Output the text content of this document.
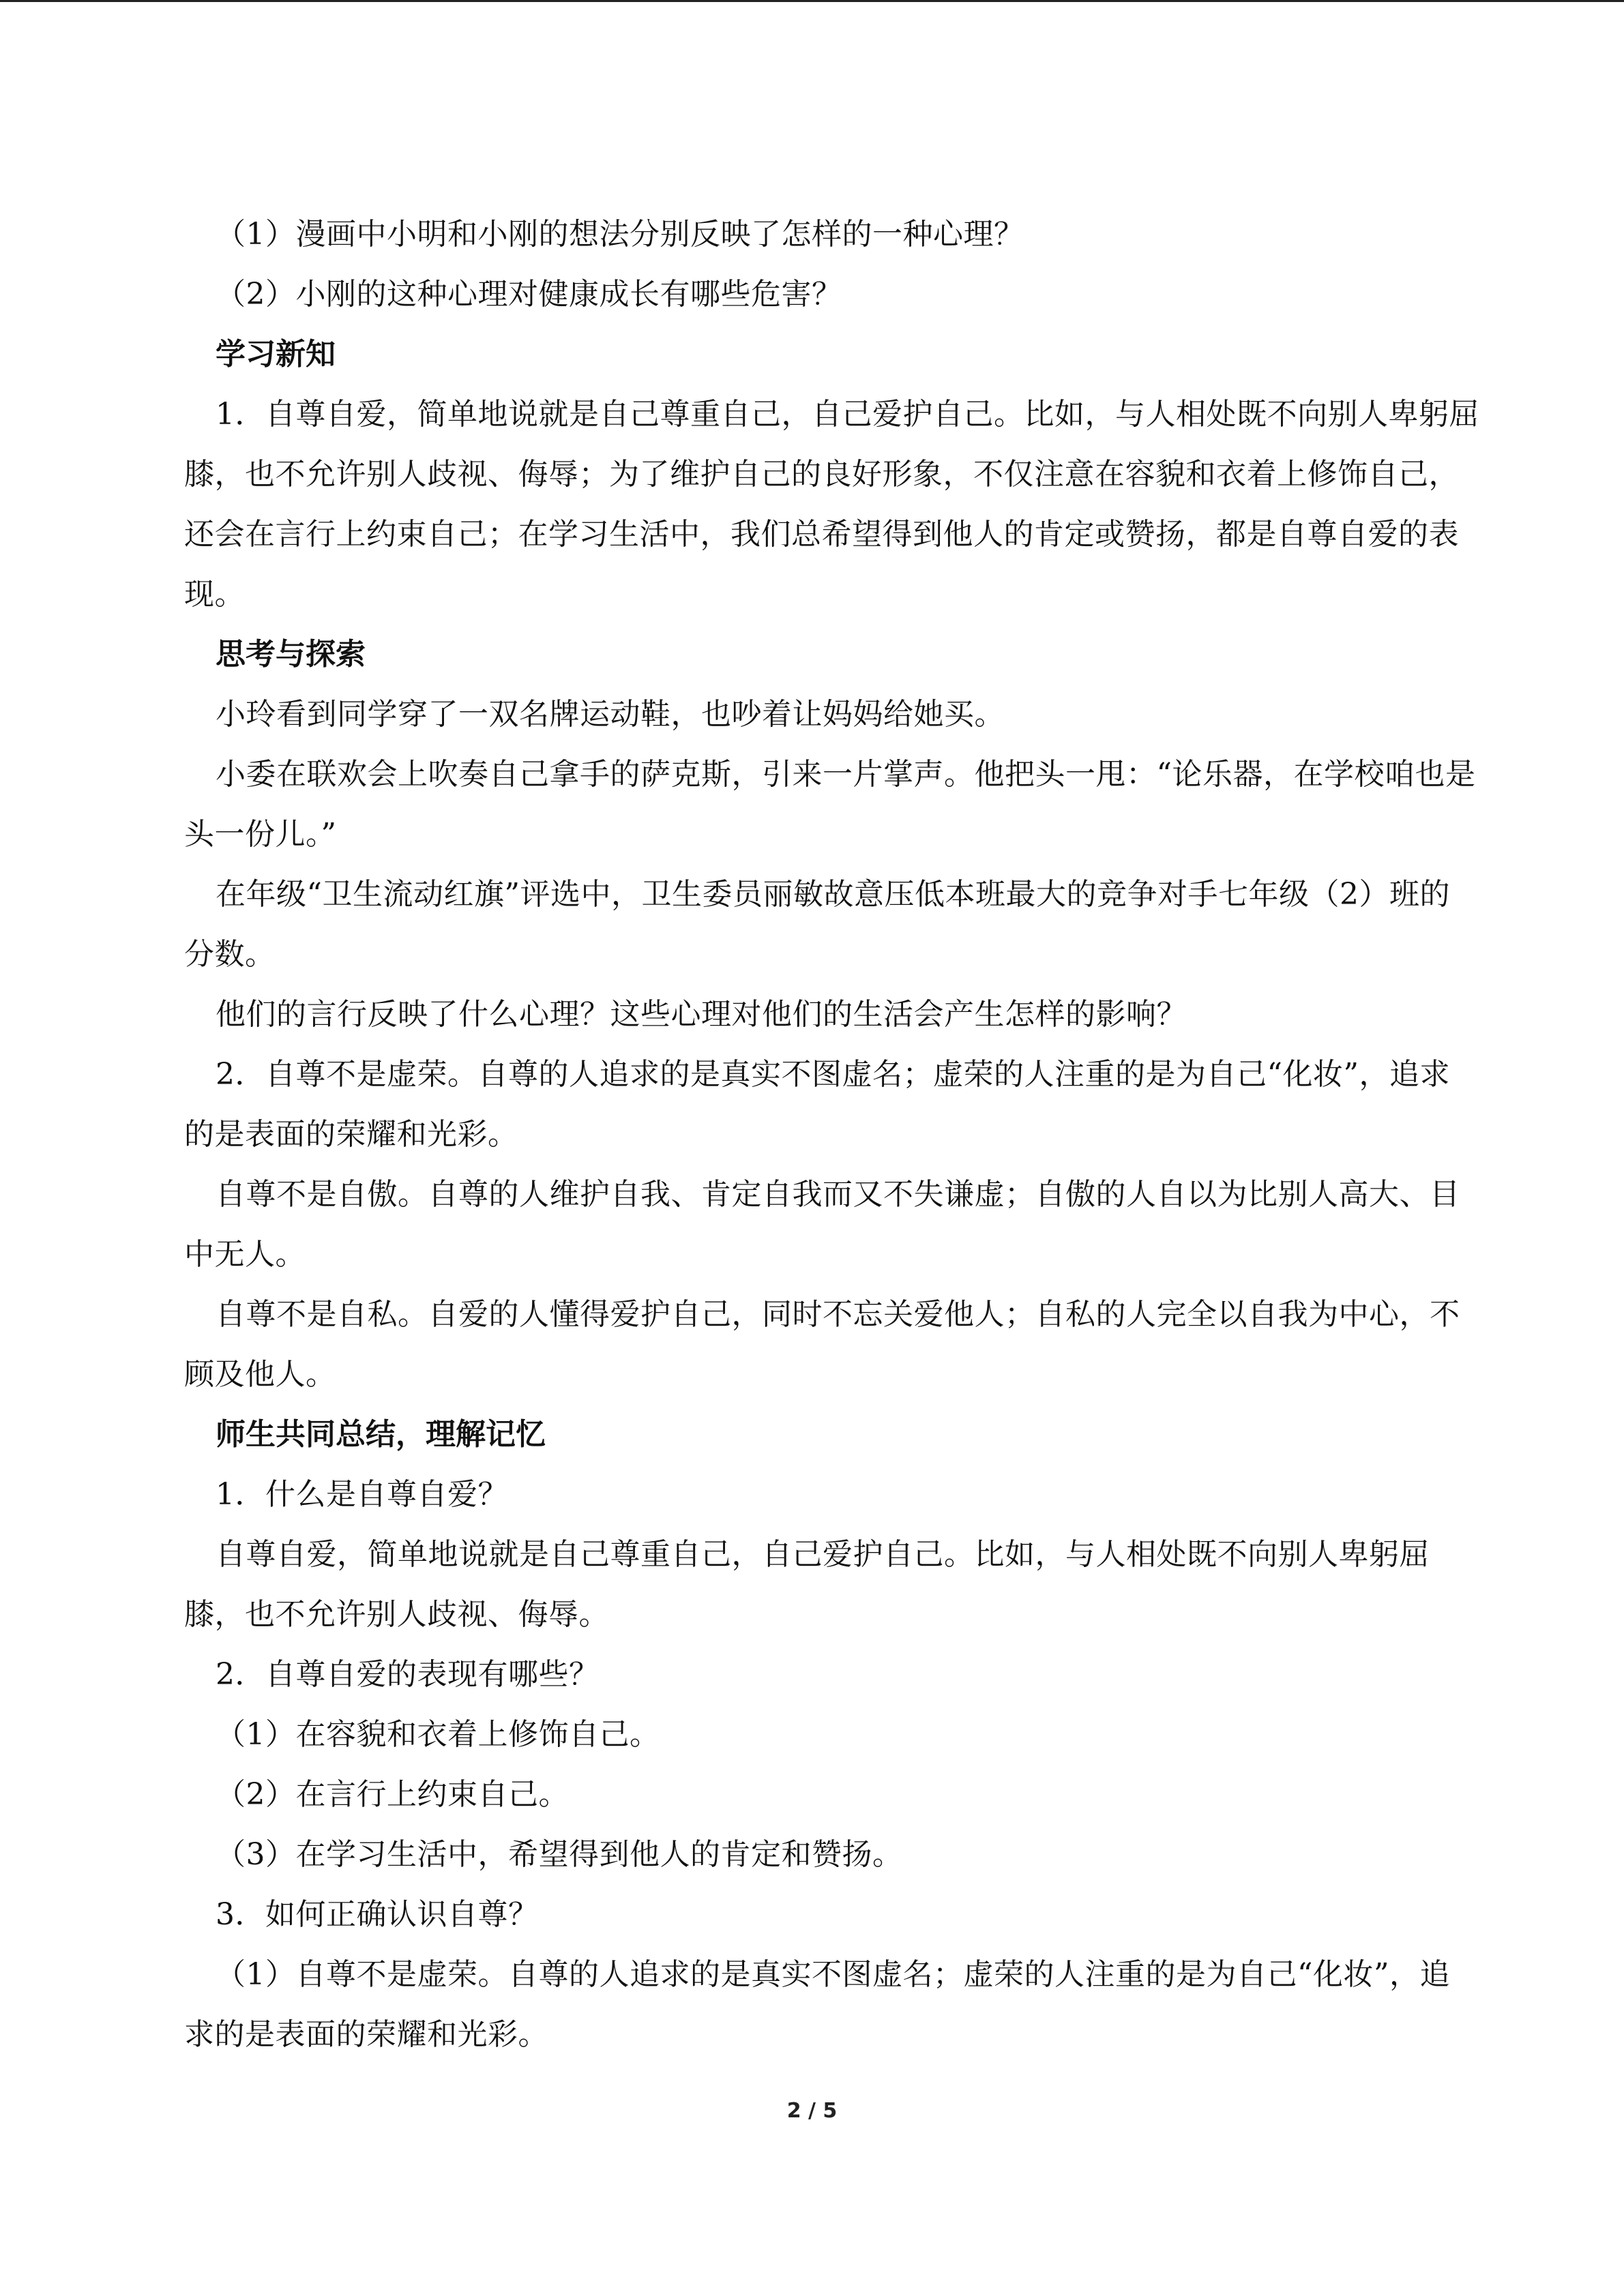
（1）漫画中小明和小刚的想法分别反映了怎样的一种心理？

（2）小刚的这种心理对健康成长有哪些危害？

学习新知

1．自尊自爱，简单地说就是自己尊重自己，自己爱护自己。比如，与人相处既不向别人卑躬屈膝，也不允许别人歧视、侮辱；为了维护自己的良好形象，不仅注意在容貌和衣着上修饰自己，还会在言行上约束自己；在学习生活中，我们总希望得到他人的肯定或赞扬，都是自尊自爱的表现。

思考与探索

小玲看到同学穿了一双名牌运动鞋，也吵着让妈妈给她买。

小委在联欢会上吹奏自己拿手的萨克斯，引来一片掌声。他把头一甩：“论乐器，在学校咱也是头一份儿。”

在年级“卫生流动红旗”评选中，卫生委员丽敏故意压低本班最大的竞争对手七年级（2）班的分数。

他们的言行反映了什么心理？这些心理对他们的生活会产生怎样的影响？

2．自尊不是虚荣。自尊的人追求的是真实不图虚名；虚荣的人注重的是为自己“化妆”，追求的是表面的荣耀和光彩。

自尊不是自傲。自尊的人维护自我、肯定自我而又不失谦虚；自傲的人自以为比别人高大、目中无人。

自尊不是自私。自爱的人懂得爱护自己，同时不忘关爱他人；自私的人完全以自我为中心，不顾及他人。

师生共同总结，理解记忆

1．什么是自尊自爱？

自尊自爱，简单地说就是自己尊重自己，自己爱护自己。比如，与人相处既不向别人卑躬屈膝，也不允许别人歧视、侮辱。

2．自尊自爱的表现有哪些？

（1）在容貌和衣着上修饰自己。

（2）在言行上约束自己。

（3）在学习生活中，希望得到他人的肯定和赞扬。

3．如何正确认识自尊？

（1）自尊不是虚荣。自尊的人追求的是真实不图虚名；虚荣的人注重的是为自己“化妆”，追求的是表面的荣耀和光彩。

2 / 5
